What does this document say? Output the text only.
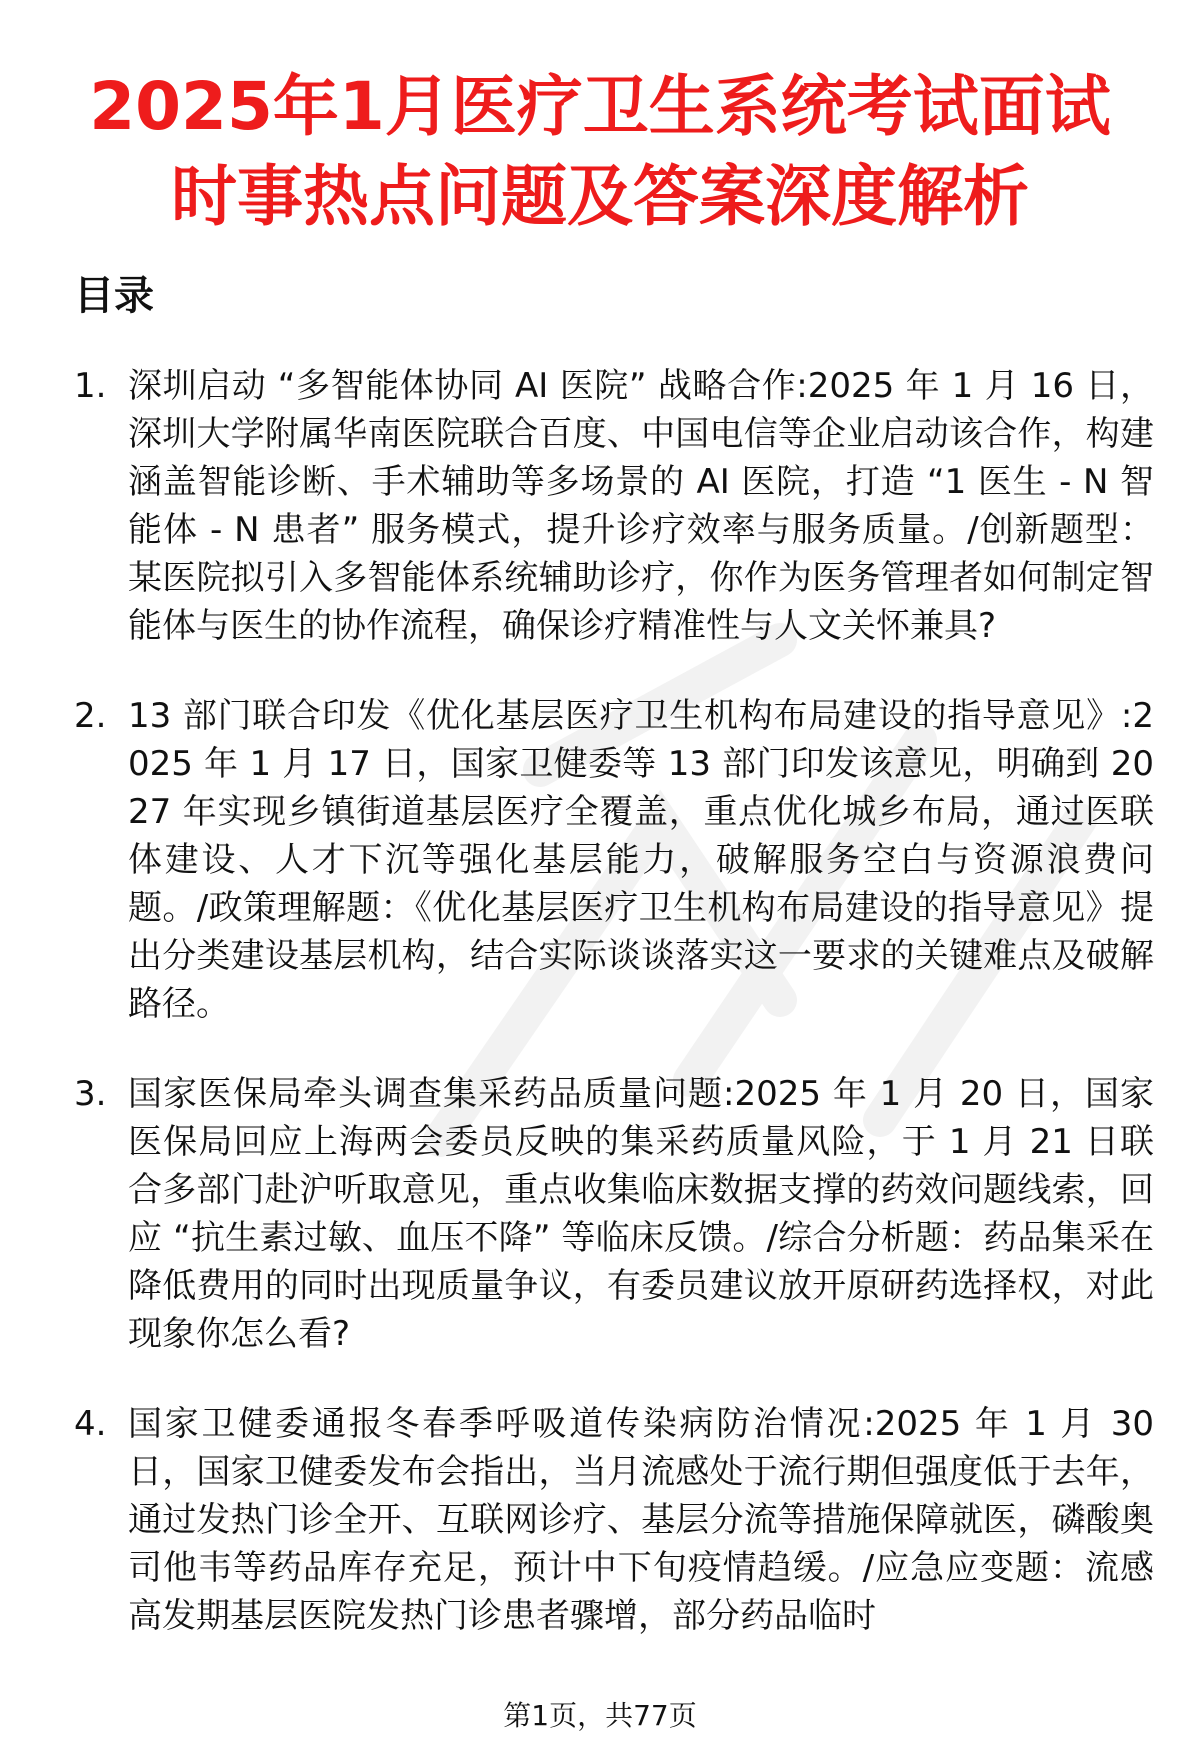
2025年1月医疗卫生系统考试面试
时事热点问题及答案深度解析
目录
1. 深圳启动 “多智能体协同 AI 医院” 战略合作:2025 年 1 月 16 日，深圳大学附属华南医院联合百度、中国电信等企业启动该合作，构建涵盖智能诊断、手术辅助等多场景的 AI 医院，打造 “1 医生 - N 智能体 - N 患者” 服务模式，提升诊疗效率与服务质量。/创新题型：某医院拟引入多智能体系统辅助诊疗，你作为医务管理者如何制定智能体与医生的协作流程，确保诊疗精准性与人文关怀兼具?
2. 13 部门联合印发《优化基层医疗卫生机构布局建设的指导意见》:2025 年 1 月 17 日，国家卫健委等 13 部门印发该意见，明确到 2027 年实现乡镇街道基层医疗全覆盖，重点优化城乡布局，通过医联体建设、人才下沉等强化基层能力，破解服务空白与资源浪费问题。/政策理解题：《优化基层医疗卫生机构布局建设的指导意见》提出分类建设基层机构，结合实际谈谈落实这一要求的关键难点及破解路径。
3. 国家医保局牵头调查集采药品质量问题:2025 年 1 月 20 日，国家医保局回应上海两会委员反映的集采药质量风险，于 1 月 21 日联合多部门赴沪听取意见，重点收集临床数据支撑的药效问题线索，回应 “抗生素过敏、血压不降” 等临床反馈。/综合分析题：药品集采在降低费用的同时出现质量争议，有委员建议放开原研药选择权，对此现象你怎么看?
4. 国家卫健委通报冬春季呼吸道传染病防治情况:2025 年 1 月 30 日，国家卫健委发布会指出，当月流感处于流行期但强度低于去年，通过发热门诊全开、互联网诊疗、基层分流等措施保障就医，磷酸奥司他韦等药品库存充足，预计中下旬疫情趋缓。/应急应变题：流感高发期基层医院发热门诊患者骤增，部分药品临时
第1页，共77页
